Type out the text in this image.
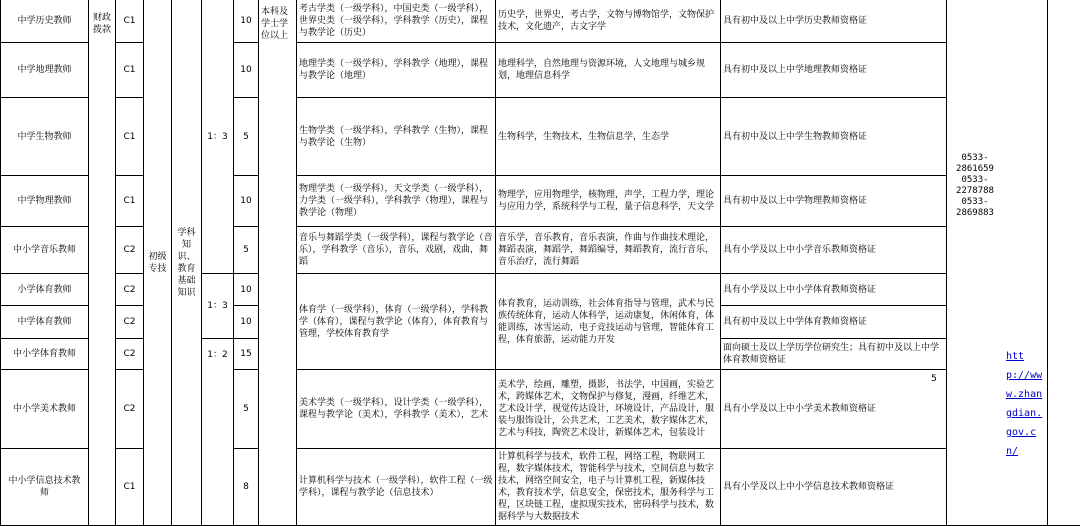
中学历史教师
中学地理教师
中学生物教师
中学物理教师
中小学音乐教师
小学体育教师
中学体育教师
中小学体育教师
中小学美术教师
中小学信息技术教师
财政拨款
C1
C1
C1
C1
C2
C2
C2
C2
C2
C1
初级专技
学科知识、教育基础知识
1：3
1：3
1：2
10
10
5
10
5
10
10
15
5
8
本科及学士学位以上
考古学类（一级学科），中国史类（一级学科），世界史类（一级学科），学科教学（历史），课程与教学论（历史）
地理学类（一级学科），学科教学（地理），课程与教学论（地理）
生物学类（一级学科），学科教学（生物），课程与教学论（生物）
物理学类（一级学科），天文学类（一级学科），力学类（一级学科），学科教学（物理），课程与教学论（物理）
音乐与舞蹈学类（一级学科），课程与教学论（音乐），学科教学（音乐），音乐，戏剧，戏曲，舞蹈
体育学（一级学科），体育（一级学科），学科教学（体育），课程与教学论（体育），体育教育与管理，学校体育教育学
美术学类（一级学科），设计学类（一级学科），课程与教学论（美术），学科教学（美术），艺术
计算机科学与技术（一级学科），软件工程（一级学科），课程与教学论（信息技术）
历史学，世界史，考古学，文物与博物馆学，文物保护技术，文化遗产，古文字学
地理科学，自然地理与资源环境，人文地理与城乡规划，地理信息科学
生物科学，生物技术，生物信息学，生态学
物理学，应用物理学，核物理，声学，工程力学，理论与应用力学，系统科学与工程，量子信息科学，天文学
音乐学，音乐教育，音乐表演，作曲与作曲技术理论，舞蹈表演，舞蹈学，舞蹈编导，舞蹈教育，流行音乐，音乐治疗，流行舞蹈
体育教育，运动训练，社会体育指导与管理，武术与民族传统体育，运动人体科学，运动康复，休闲体育，体能训练，冰雪运动，电子竞技运动与管理，智能体育工程，体育旅游，运动能力开发
美术学，绘画，雕塑，摄影，书法学，中国画，实验艺术，跨媒体艺术，文物保护与修复，漫画，纤维艺术，艺术设计学，视觉传达设计，环境设计，产品设计，服装与服饰设计，公共艺术，工艺美术，数字媒体艺术，艺术与科技，陶瓷艺术设计，新媒体艺术，包装设计
计算机科学与技术，软件工程，网络工程，物联网工程，数字媒体技术，智能科学与技术，空间信息与数字技术，网络空间安全，电子与计算机工程，新媒体技术，教育技术学，信息安全，保密技术，服务科学与工程，区块链工程，虚拟现实技术，密码科学与技术，数据科学与大数据技术
具有初中及以上中学历史教师资格证
具有初中及以上中学地理教师资格证
具有初中及以上中学生物教师资格证
具有初中及以上中学物理教师资格证
具有小学及以上中小学音乐教师资格证
具有小学及以上中小学体育教师资格证
具有初中及以上中学体育教师资格证
面向硕士及以上学历学位研究生；具有初中及以上中学体育教师资格证
具有小学及以上中小学美术教师资格证
具有小学及以上中小学信息技术教师资格证
0533-2861659
0533-2278788
0533-2869883
5
http://www.zhangdian.gov.cn/
